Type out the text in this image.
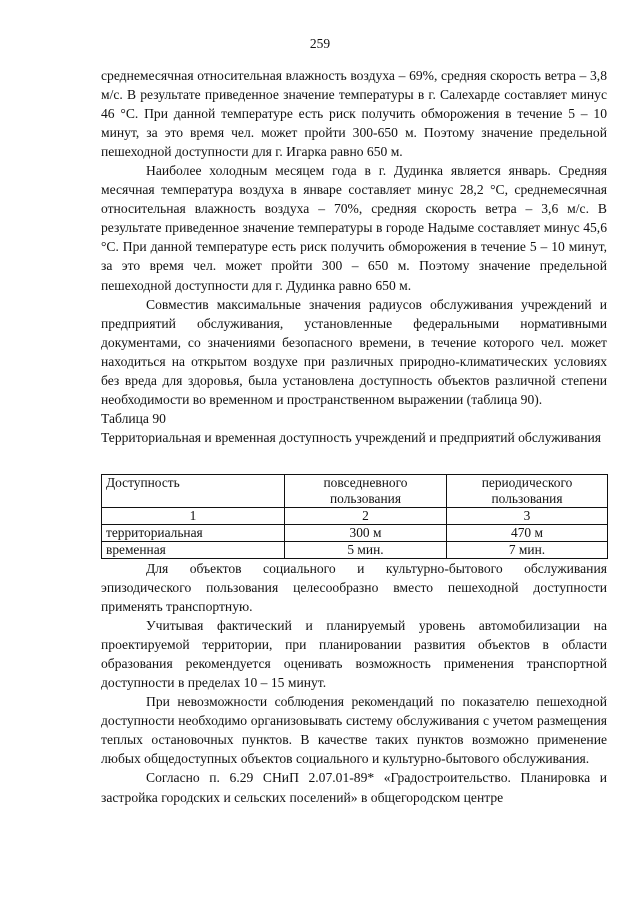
259

среднемесячная относительная влажность воздуха – 69%, средняя скорость ветра – 3,8 м/с. В результате приведенное значение температуры в г. Салехарде составляет минус 46 °С. При данной температуре есть риск получить обморожения в течение 5 – 10 минут, за это время чел. может пройти 300-650 м. Поэтому значение предельной пешеходной доступности для г. Игарка равно 650 м.

Наиболее холодным месяцем года в г. Дудинка является январь. Средняя месячная температура воздуха в январе составляет минус 28,2 °С, среднемесячная относительная влажность воздуха – 70%, средняя скорость ветра – 3,6 м/с. В результате приведенное значение температуры в городе Надыме составляет минус 45,6 °С. При данной температуре есть риск получить обморожения в течение 5 – 10 минут, за это время чел. может пройти 300 – 650 м. Поэтому значение предельной пешеходной доступности для г. Дудинка равно 650 м.

Совместив максимальные значения радиусов обслуживания учреждений и предприятий обслуживания, установленные федеральными нормативными документами, со значениями безопасного времени, в течение которого чел. может находиться на открытом воздухе при различных природно-климатических условиях без вреда для здоровья, была установлена доступность объектов различной степени необходимости во временном и пространственном выражении (таблица 90).

Таблица 90

Территориальная и временная доступность учреждений и предприятий обслуживания

Доступность	повседневного пользования	периодического пользования
1	2	3
территориальная	300 м	470 м
временная	5 мин.	7 мин.

Для объектов социального и культурно-бытового обслуживания эпизодического пользования целесообразно вместо пешеходной доступности применять транспортную.

Учитывая фактический и планируемый уровень автомобилизации на проектируемой территории, при планировании развития объектов в области образования рекомендуется оценивать возможность применения транспортной доступности в пределах 10 – 15 минут.

При невозможности соблюдения рекомендаций по показателю пешеходной доступности необходимо организовывать систему обслуживания с учетом размещения теплых остановочных пунктов. В качестве таких пунктов возможно применение любых общедоступных объектов социального и культурно-бытового обслуживания.

Согласно п. 6.29 СНиП 2.07.01-89* «Градостроительство. Планировка и застройка городских и сельских поселений» в общегородском центре
